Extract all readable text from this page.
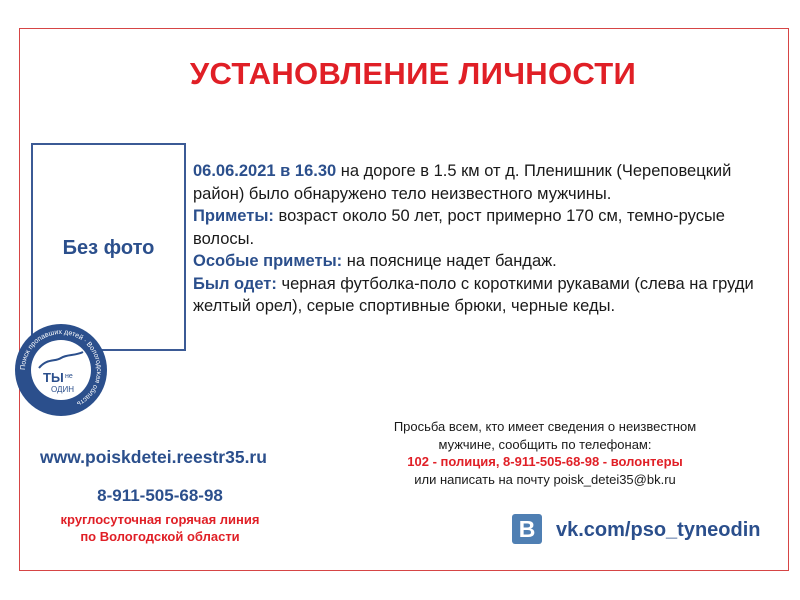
УСТАНОВЛЕНИЕ ЛИЧНОСТИ
Без фото
Поиск пропавших детей · Вологодская область
ТЫ не
ОДИН
06.06.2021 в 16.30 на дороге в 1.5 км от д. Пленишник (Череповецкий район) было обнаружено тело неизвестного мужчины.
Приметы: возраст около 50 лет, рост примерно 170 см, темно-русые волосы.
Особые приметы: на пояснице надет бандаж.
Был одет: черная футболка-поло с короткими рукавами (слева на груди желтый орел), серые спортивные брюки, черные кеды.
Просьба всем, кто имеет сведения о неизвестном
мужчине, сообщить по телефонам:
102 - полиция, 8-911-505-68-98 - волонтеры
или написать на почту poisk_detei35@bk.ru
www.poiskdetei.reestr35.ru
8-911-505-68-98
круглосуточная горячая линия
по Вологодской области	В	vk.com/pso_tyneodin
